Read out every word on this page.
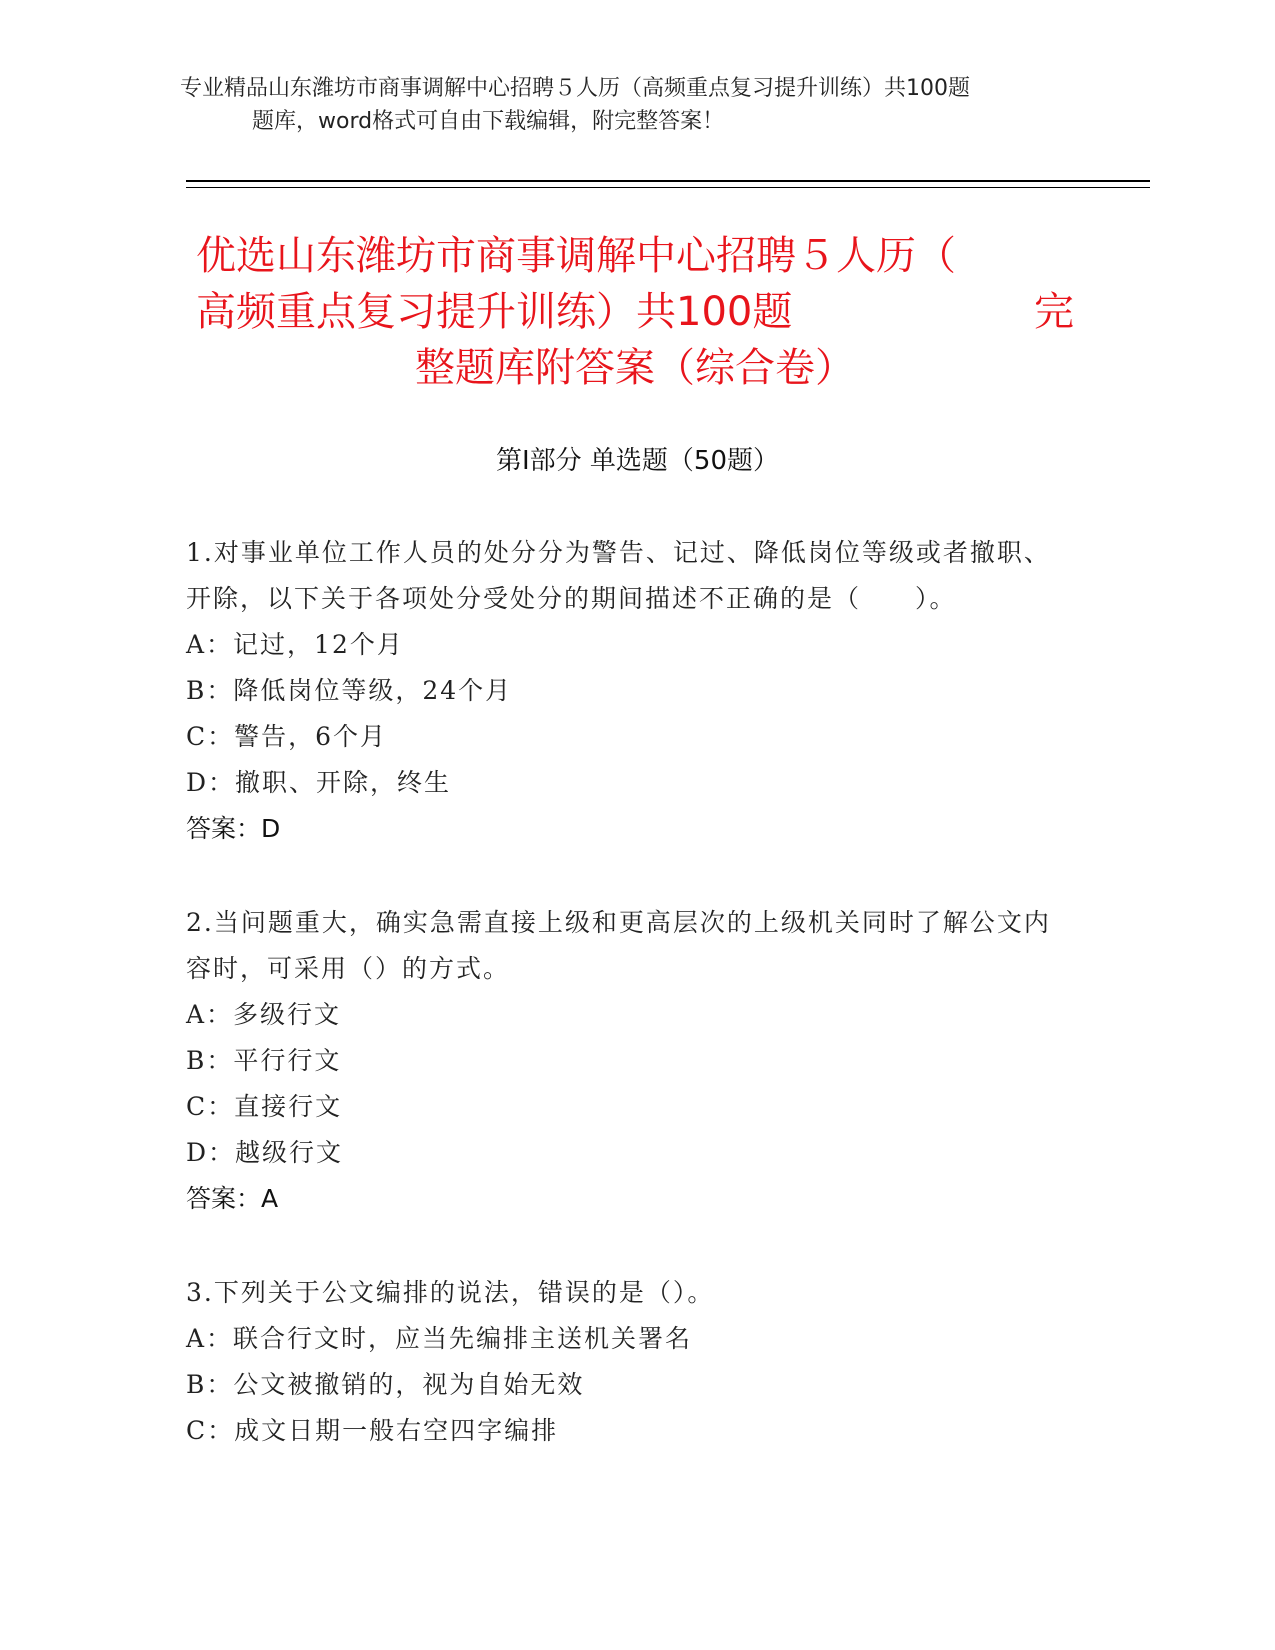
专业精品山东潍坊市商事调解中心招聘５人历（高频重点复习提升训练）共100题
题库，word格式可自由下载编辑，附完整答案！
优选山东潍坊市商事调解中心招聘５人历（
高频重点复习提升训练）共100题	完
整题库附答案（综合卷）
第Ⅰ部分 单选题（50题）
1.对事业单位工作人员的处分分为警告、记过、降低岗位等级或者撤职、开除，以下关于各项处分受处分的期间描述不正确的是（　　）。
A：记过，12个月
B：降低岗位等级，24个月
C：警告，6个月
D：撤职、开除，终生
答案：D
2.当问题重大，确实急需直接上级和更高层次的上级机关同时了解公文内容时，可采用（）的方式。
A：多级行文
B：平行行文
C：直接行文
D：越级行文
答案：A
3.下列关于公文编排的说法，错误的是（）。
A：联合行文时，应当先编排主送机关署名
B：公文被撤销的，视为自始无效
C：成文日期一般右空四字编排
